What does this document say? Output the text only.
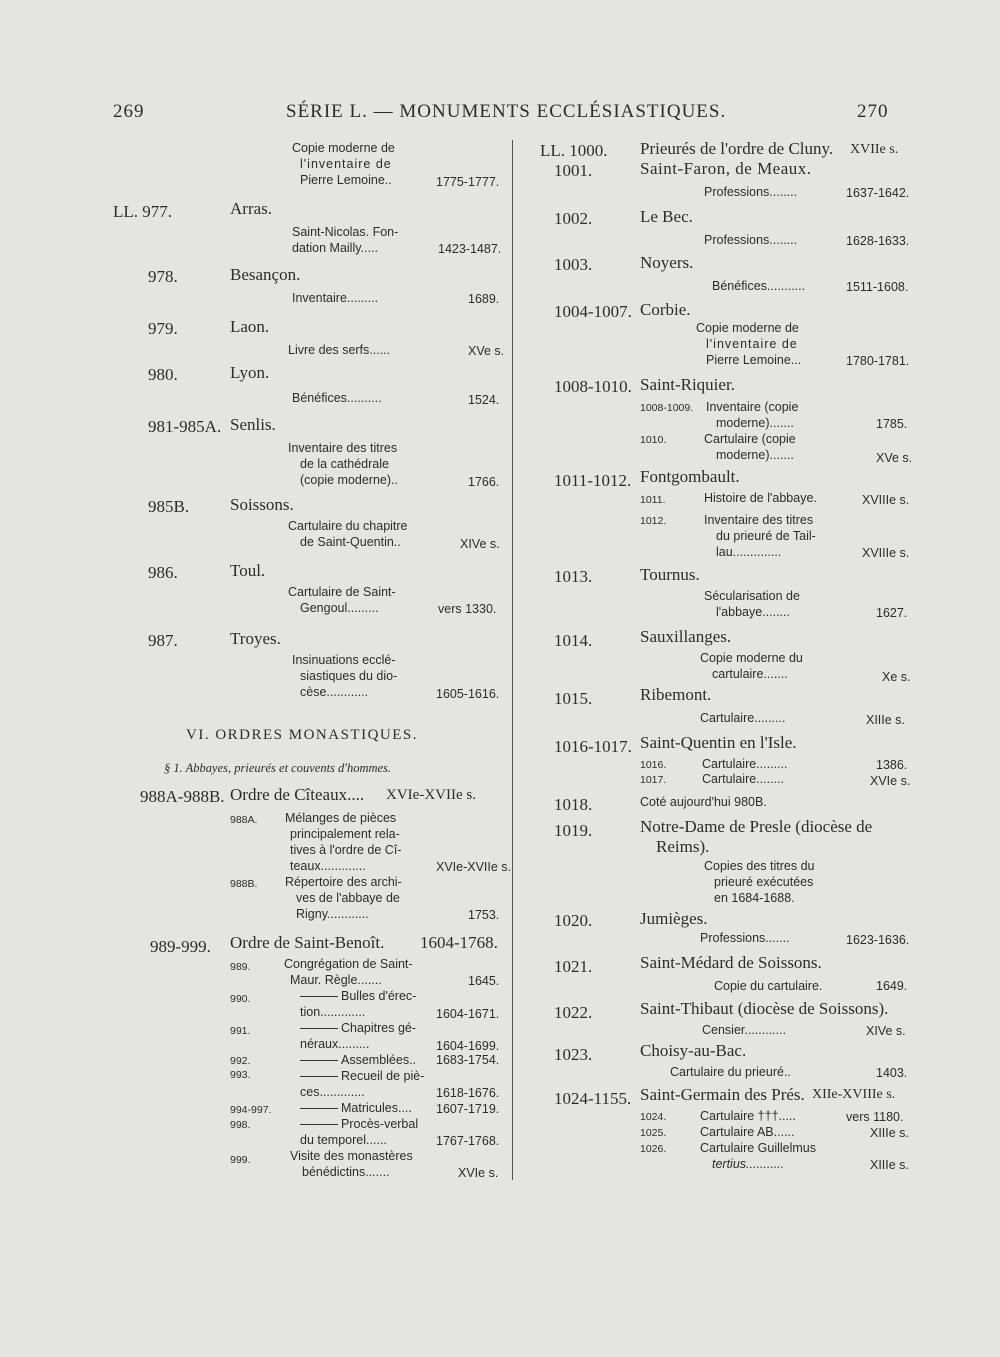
269	SÉRIE L. — MONUMENTS ECCLÉSIASTIQUES.	270
Copie moderne de
l'inventaire de
Pierre Lemoine..	1775-1777.
LL. 977.	Arras.
Saint-Nicolas. Fon-
dation Mailly.....	1423-1487.
978.	Besançon.
Inventaire.........	1689.
979.	Laon.
Livre des serfs......	XVe s.
980.	Lyon.
Bénéfices..........	1524.
981-985A. Senlis.
Inventaire des titres
de la cathédrale
(copie moderne)..	1766.
985B. Soissons.
Cartulaire du chapitre
de Saint-Quentin..	XIVe s.
986.	Toul.
Cartulaire de Saint-
Gengoul.........	vers 1330.
987.	Troyes.
Insinuations ecclé-
siastiques du dio-
cèse............	1605-1616.
VI. ORDRES MONASTIQUES.
§ 1. Abbayes, prieurés et couvents d'hommes.
988A-988B. Ordre de Cîteaux.... XVIe-XVIIe s.
988A. Mélanges de pièces
principalement rela-
tives à l'ordre de Cî-
teaux.............	XVIe-XVIIe s.
988B. Répertoire des archi-
ves de l'abbaye de
Rigny............	1753.
989-999. Ordre de Saint-Benoît. 1604-1768.
989.	Congrégation de Saint-
Maur. Règle.......	1645.
990.	Bulles d'érec-
tion.............	1604-1671.
991.	Chapitres gé-
néraux.........	1604-1699.
992.	Assemblées.. 1683-1754.
993.	Recueil de piè-
ces.............	1618-1676.
994-997.	Matricules.... 1607-1719.
998.	Procès-verbal
du temporel......	1767-1768.
999.	Visite des monastères
bénédictins.......	XVIe s.
LL. 1000. Prieurés de l'ordre de Cluny. XVIIe s.
1001.	Saint-Faron, de Meaux.
Professions........	1637-1642.
1002.	Le Bec.
Professions........	1628-1633.
1003.	Noyers.
Bénéfices...........	1511-1608.
1004-1007. Corbie.
Copie moderne de
l'inventaire de
Pierre Lemoine...	1780-1781.
1008-1010. Saint-Riquier.
1008-1009. Inventaire (copie
moderne).......	1785.
1010.	Cartulaire (copie
moderne).......	XVe s.
1011-1012. Fontgombault.
1011.	Histoire de l'abbaye.	XVIIIe s.
1012.	Inventaire des titres
du prieuré de Tail-
lau..............	XVIIIe s.
1013.	Tournus.
Sécularisation de
l'abbaye........	1627.
1014.	Sauxillanges.
Copie moderne du
cartulaire.......	Xe s.
1015.	Ribemont.
Cartulaire.........	XIIIe s.
1016-1017. Saint-Quentin en l'Isle.
1016.	Cartulaire.........	1386.
1017.	Cartulaire........	XVIe s.
1018.	Coté aujourd'hui 980B.
1019.	Notre-Dame de Presle (diocèse de
Reims).
Copies des titres du
prieuré exécutées
en 1684-1688.
1020.	Jumièges.
Professions.......	1623-1636.
1021.	Saint-Médard de Soissons.
Copie du cartulaire.	1649.
1022.	Saint-Thibaut (diocèse de Soissons).
Censier............	XIVe s.
1023.	Choisy-au-Bac.
Cartulaire du prieuré..	1403.
1024-1155. Saint-Germain des Prés. XIIe-XVIIIe s.
1024.	Cartulaire †††.....	vers 1180.
1025.	Cartulaire AB......	XIIIe s.
1026.	Cartulaire Guillelmus
tertius...........	XIIIe s.
